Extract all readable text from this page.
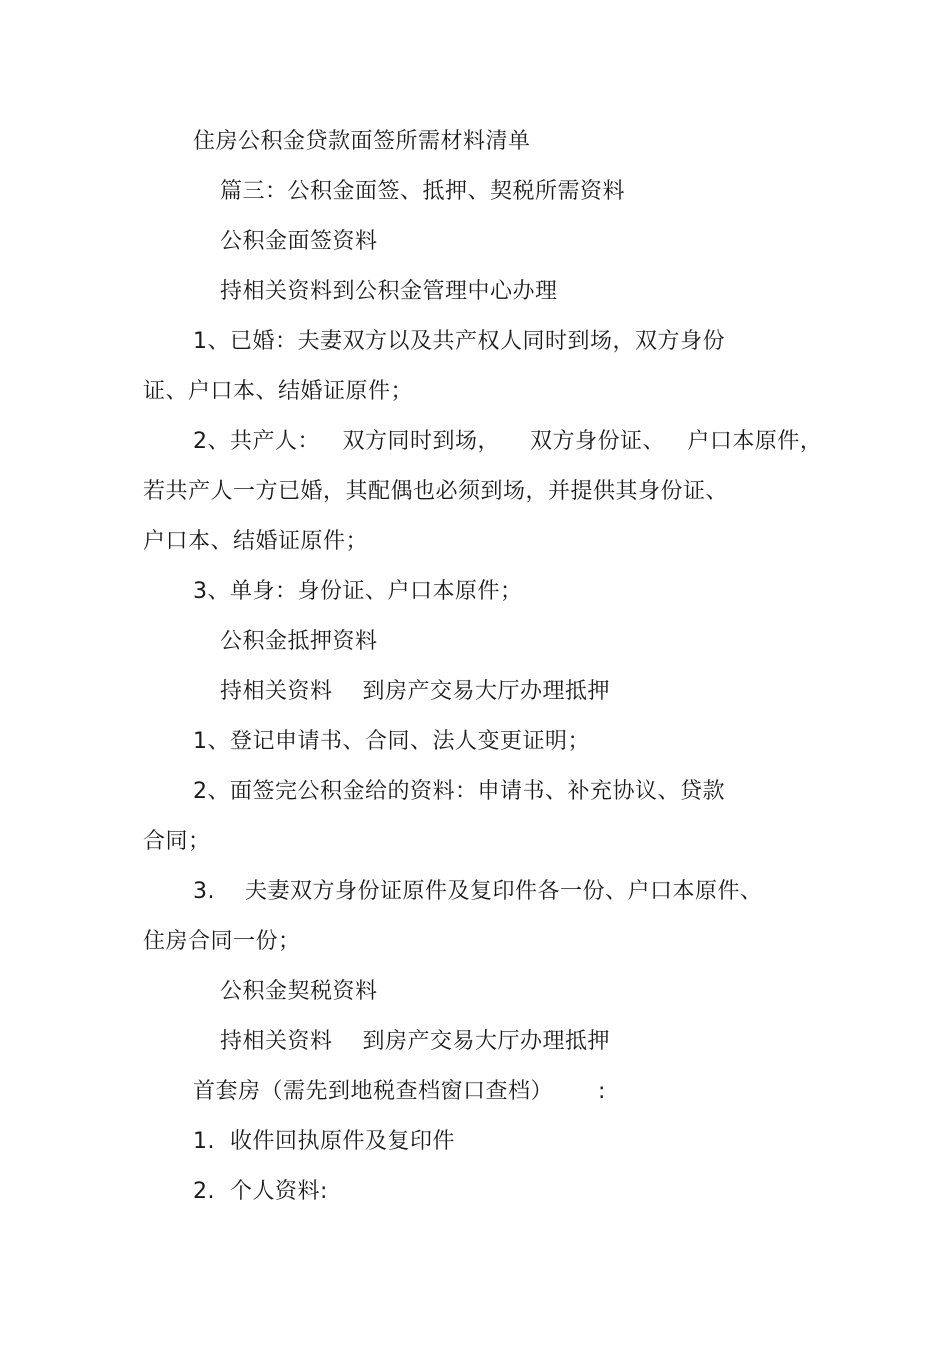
住房公积金贷款面签所需材料清单
篇三：公积金面签、抵押、契税所需资料
公积金面签资料
持相关资料到公积金管理中心办理
1、已婚：夫妻双方以及共产权人同时到场，双方身份
证、户口本、结婚证原件；
2、共产人：   双方同时到场，    双方身份证、   户口本原件，
若共产人一方已婚，其配偶也必须到场，并提供其身份证、
户口本、结婚证原件；
3、单身：身份证、户口本原件；
公积金抵押资料
持相关资料    到房产交易大厅办理抵押
1、登记申请书、合同、法人变更证明；
2、面签完公积金给的资料：申请书、补充协议、贷款
合同；
3.    夫妻双方身份证原件及复印件各一份、户口本原件、
住房合同一份；
公积金契税资料
持相关资料    到房产交易大厅办理抵押
首套房（需先到地税查档窗口查档）      :
1.  收件回执原件及复印件
2.  个人资料:
